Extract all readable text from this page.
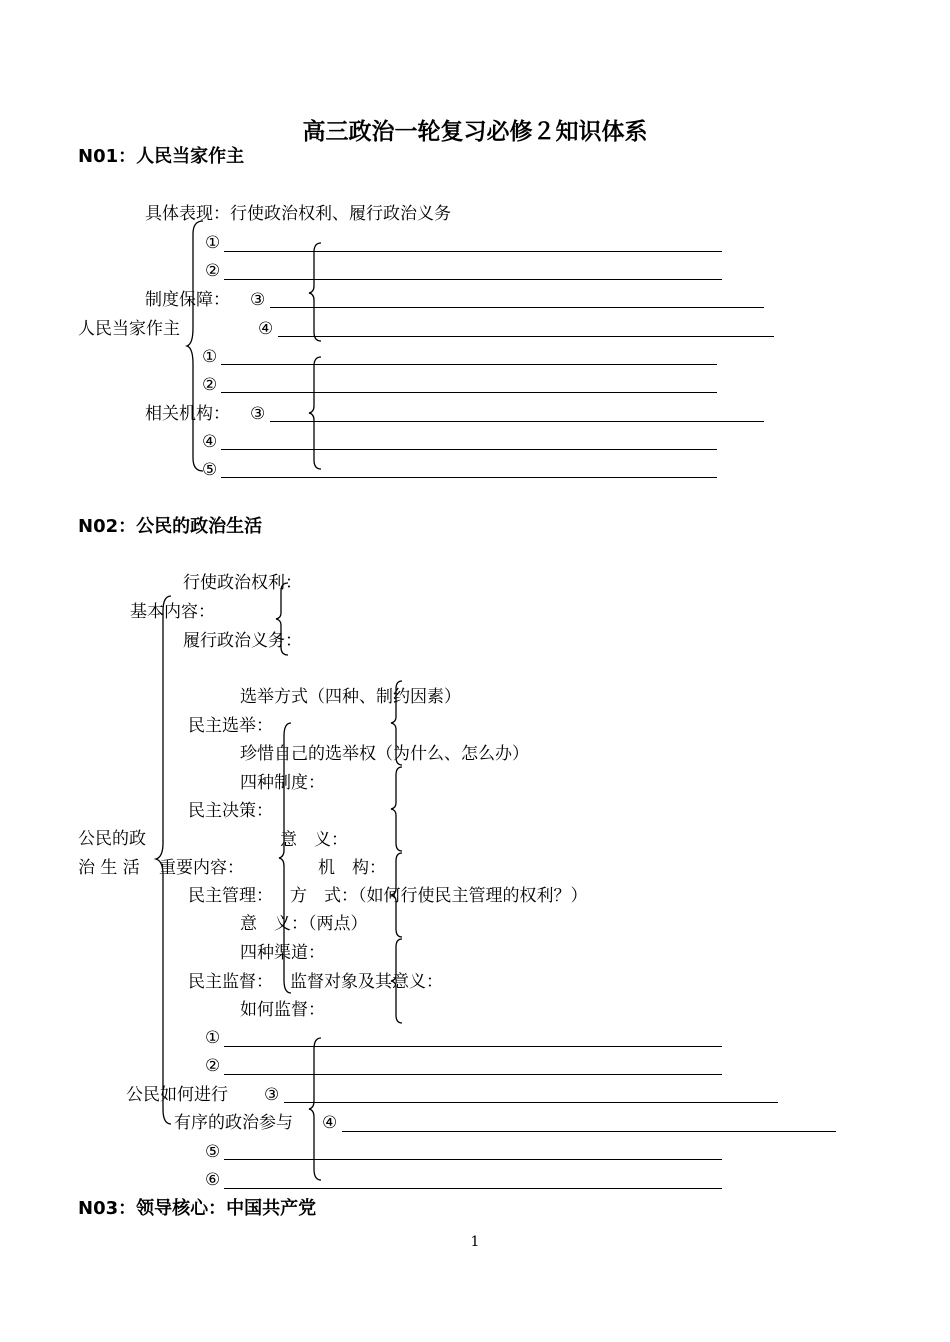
高三政治一轮复习必修２知识体系
N01：人民当家作主
具体表现：行使政治权利、履行政治义务
人民当家作主
①
②
制度保障： ③
④
①
②
相关机构： ③
④
⑤
N02：公民的政治生活
行使政治权利：
基本内容：
履行政治义务：
公民的政
治 生 活 重要内容：
民主选举：
选举方式（四种、制约因素）
珍惜自己的选举权（为什么、怎么办）
四种制度：
民主决策：
意　义：
机　构：
民主管理： 方　式：（如何行使民主管理的权利？）
意　义：（两点）
四种渠道：
民主监督： 监督对象及其意义：
如何监督：
①
②
公民如何进行 ③
有序的政治参与 ④
⑤
⑥
N03：领导核心：中国共产党
1
